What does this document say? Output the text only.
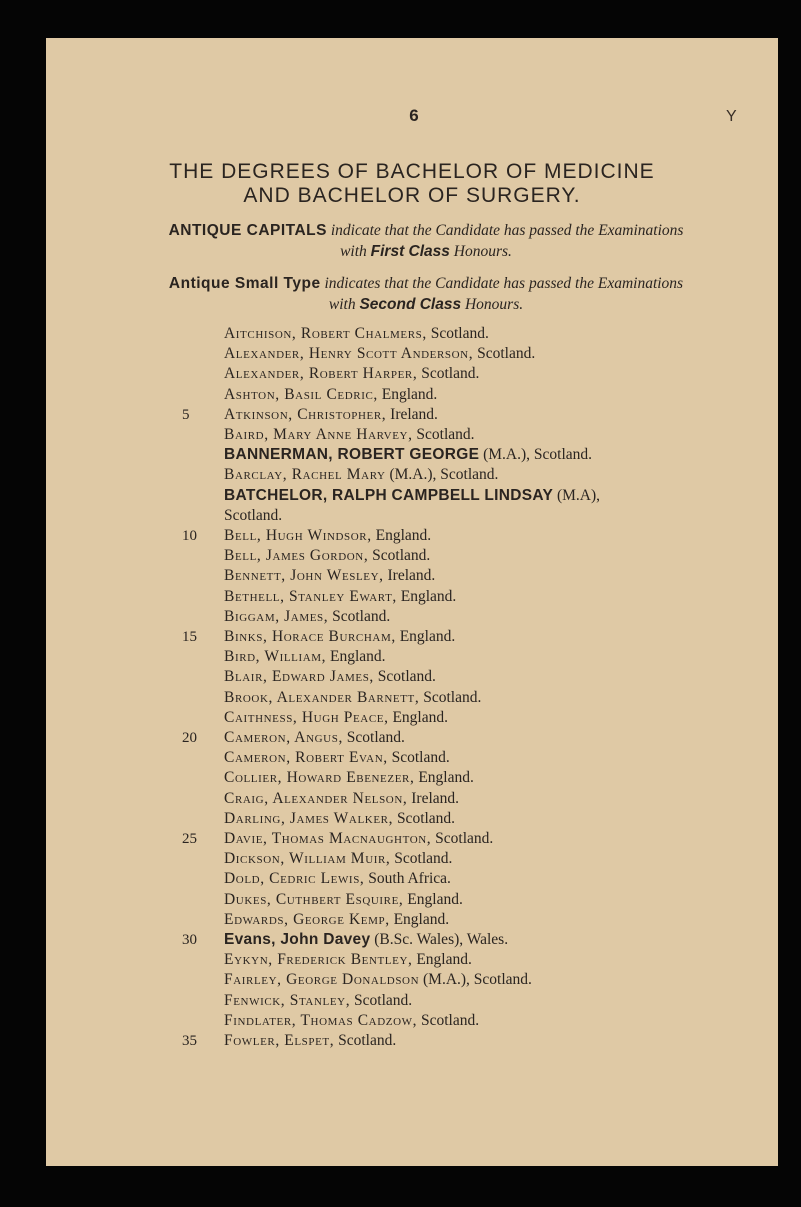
6	Y
THE DEGREES OF BACHELOR OF MEDICINE
AND BACHELOR OF SURGERY.
ANTIQUE CAPITALS indicate that the Candidate has passed the Examinations with First Class Honours.
Antique Small Type indicates that the Candidate has passed the Examinations with Second Class Honours.
Aitchison, Robert Chalmers, Scotland.
Alexander, Henry Scott Anderson, Scotland.
Alexander, Robert Harper, Scotland.
Ashton, Basil Cedric, England.
5	Atkinson, Christopher, Ireland.
Baird, Mary Anne Harvey, Scotland.
BANNERMAN, ROBERT GEORGE (M.A.), Scotland.
Barclay, Rachel Mary (M.A.), Scotland.
BATCHELOR, RALPH CAMPBELL LINDSAY (M.A),
Scotland.
10	Bell, Hugh Windsor, England.
Bell, James Gordon, Scotland.
Bennett, John Wesley, Ireland.
Bethell, Stanley Ewart, England.
Biggam, James, Scotland.
15	Binks, Horace Burcham, England.
Bird, William, England.
Blair, Edward James, Scotland.
Brook, Alexander Barnett, Scotland.
Caithness, Hugh Peace, England.
20	Cameron, Angus, Scotland.
Cameron, Robert Evan, Scotland.
Collier, Howard Ebenezer, England.
Craig, Alexander Nelson, Ireland.
Darling, James Walker, Scotland.
25	Davie, Thomas Macnaughton, Scotland.
Dickson, William Muir, Scotland.
Dold, Cedric Lewis, South Africa.
Dukes, Cuthbert Esquire, England.
Edwards, George Kemp, England.
30	Evans, John Davey (B.Sc. Wales), Wales.
Eykyn, Frederick Bentley, England.
Fairley, George Donaldson (M.A.), Scotland.
Fenwick, Stanley, Scotland.
Findlater, Thomas Cadzow, Scotland.
35	Fowler, Elspet, Scotland.
